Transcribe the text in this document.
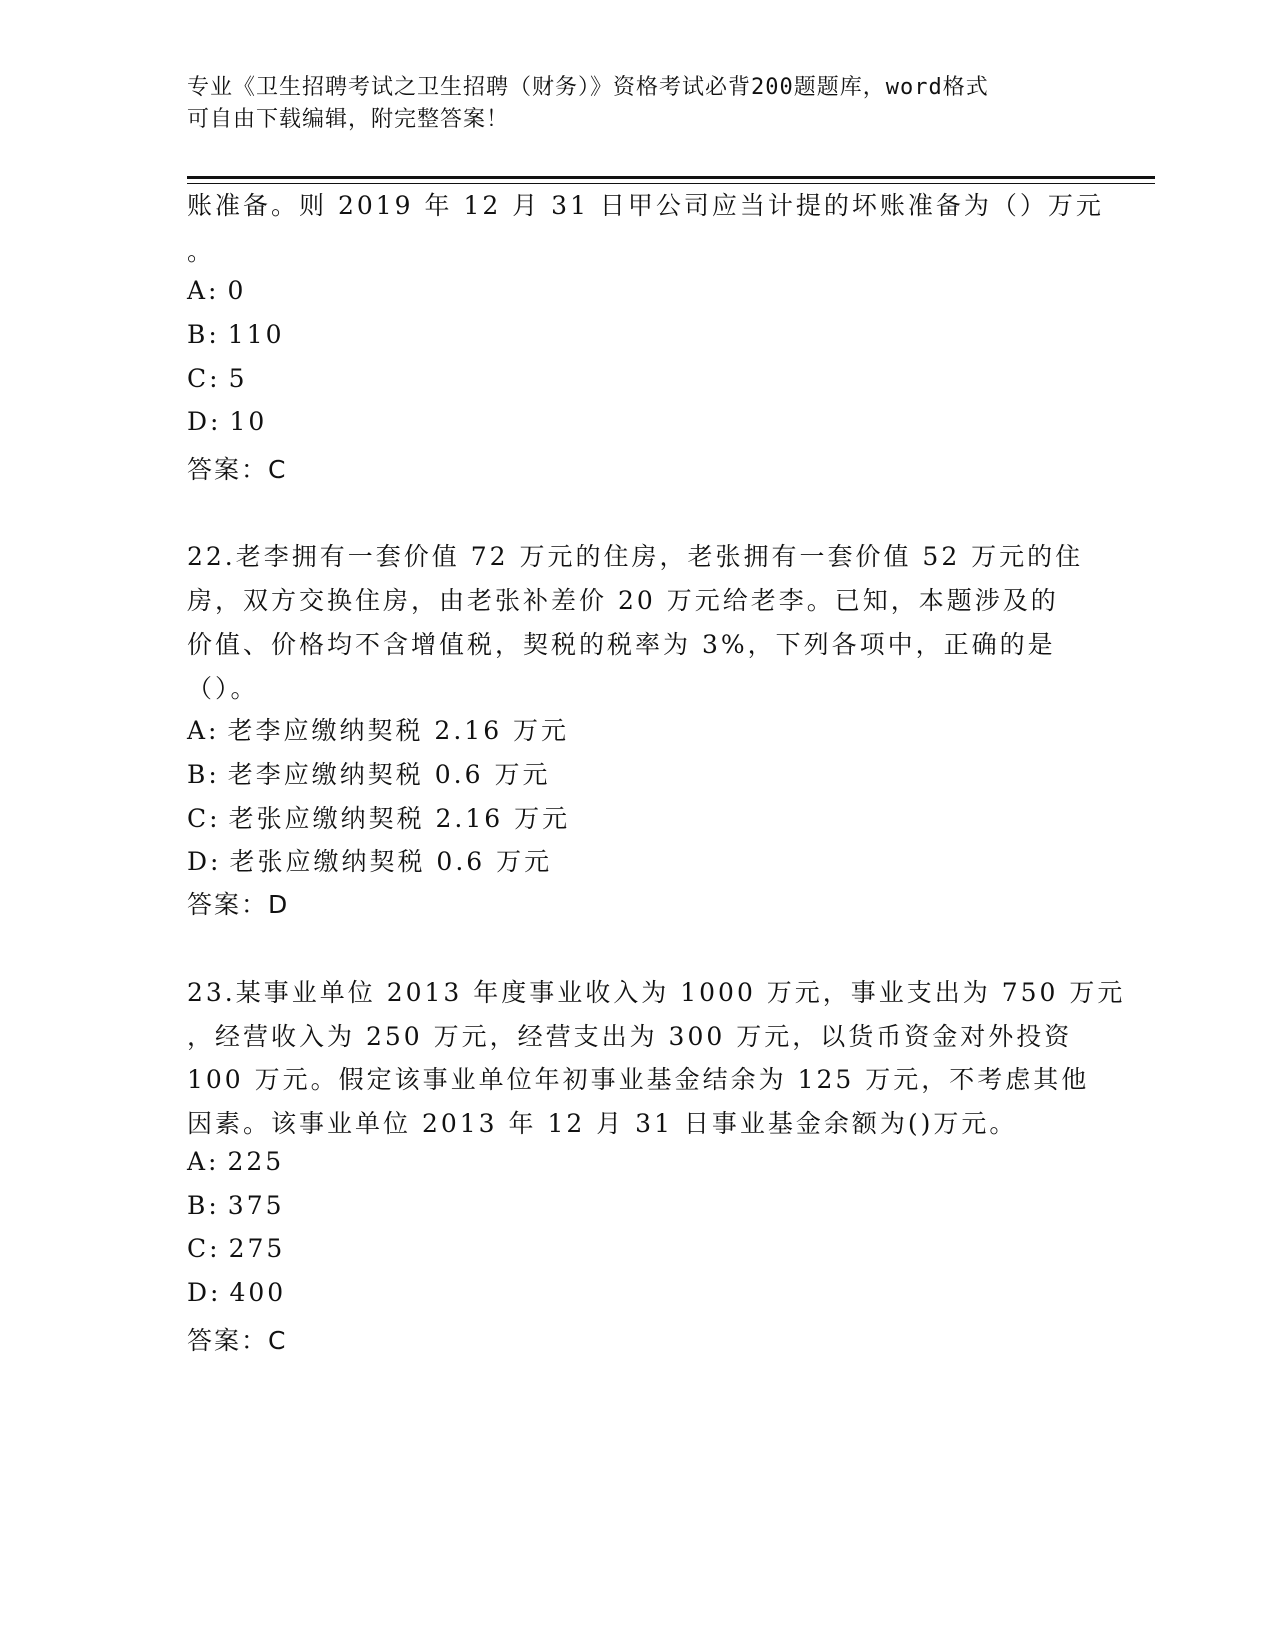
专业《卫生招聘考试之卫生招聘（财务）》资格考试必背200题题库，word格式
可自由下载编辑，附完整答案！
账准备。则 2019 年 12 月 31 日甲公司应当计提的坏账准备为（）万元
。
A: 0
B: 110
C: 5
D: 10
答案：C
22.老李拥有一套价值 72 万元的住房，老张拥有一套价值 52 万元的住
房，双方交换住房，由老张补差价 20 万元给老李。已知，本题涉及的
价值、价格均不含增值税，契税的税率为 3%，下列各项中，正确的是
（）。
A: 老李应缴纳契税 2.16 万元
B: 老李应缴纳契税 0.6 万元
C: 老张应缴纳契税 2.16 万元
D: 老张应缴纳契税 0.6 万元
答案：D
23.某事业单位 2013 年度事业收入为 1000 万元，事业支出为 750 万元
，经营收入为 250 万元，经营支出为 300 万元，以货币资金对外投资
100 万元。假定该事业单位年初事业基金结余为 125 万元，不考虑其他
因素。该事业单位 2013 年 12 月 31 日事业基金余额为()万元。
A: 225
B: 375
C: 275
D: 400
答案：C
